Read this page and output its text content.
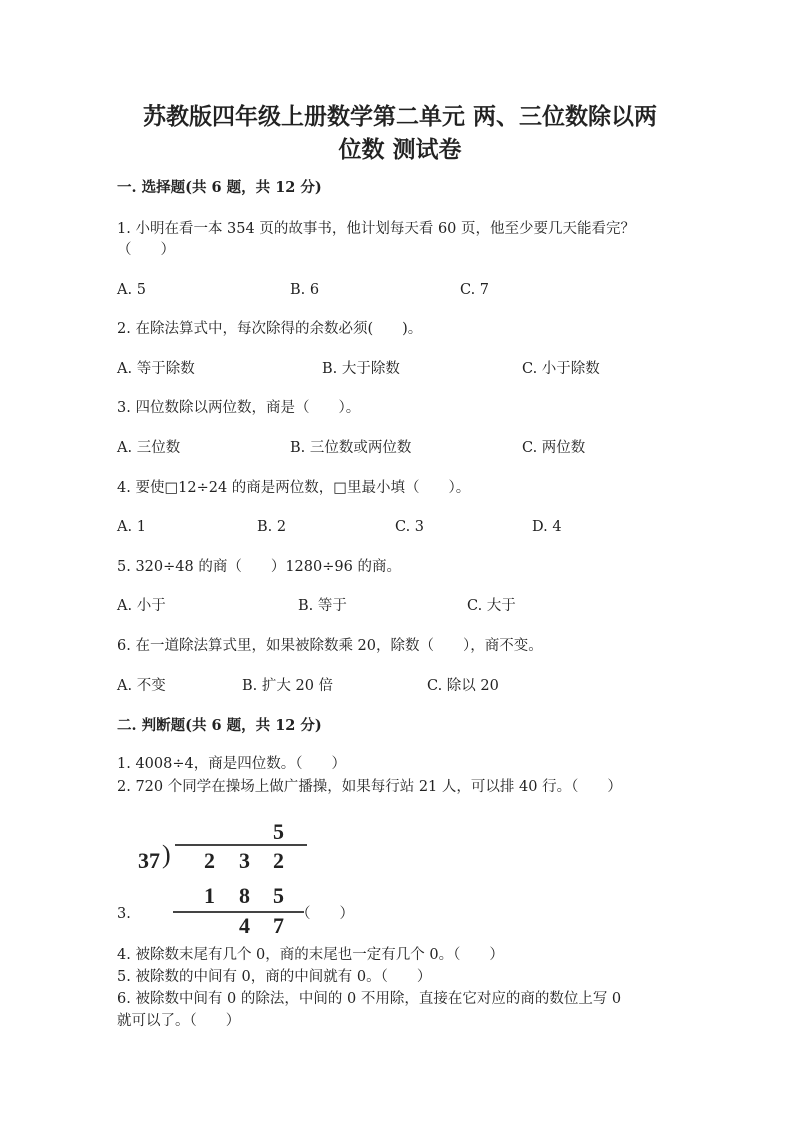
苏教版四年级上册数学第二单元 两、三位数除以两
位数 测试卷
一. 选择题(共 6 题，共 12 分)
1. 小明在看一本 354 页的故事书，他计划每天看 60 页，他至少要几天能看完？
（　　）
A. 5	B. 6	C. 7
2. 在除法算式中，每次除得的余数必须(　　)。
A. 等于除数	B. 大于除数	C. 小于除数
3. 四位数除以两位数，商是（　　）。
A. 三位数	B. 三位数或两位数	C. 两位数
4. 要使□12÷24 的商是两位数，□里最小填（　　）。
A. 1	B. 2	C. 3	D. 4
5. 320÷48 的商（　　）1280÷96 的商。
A. 小于	B. 等于	C. 大于
6. 在一道除法算式里，如果被除数乘 20，除数（　　），商不变。
A. 不变	B. 扩大 20 倍	C. 除以 20
二. 判断题(共 6 题，共 12 分)
1. 4008÷4，商是四位数。（　　）
2. 720 个同学在操场上做广播操，如果每行站 21 人，可以排 40 行。（　　）
5
37 ) 2 3 2
1 8 5
4 7
3.	（　　）
4. 被除数末尾有几个 0，商的末尾也一定有几个 0。（　　）
5. 被除数的中间有 0，商的中间就有 0。（　　）
6. 被除数中间有 0 的除法，中间的 0 不用除，直接在它对应的商的数位上写 0
就可以了。（　　）
